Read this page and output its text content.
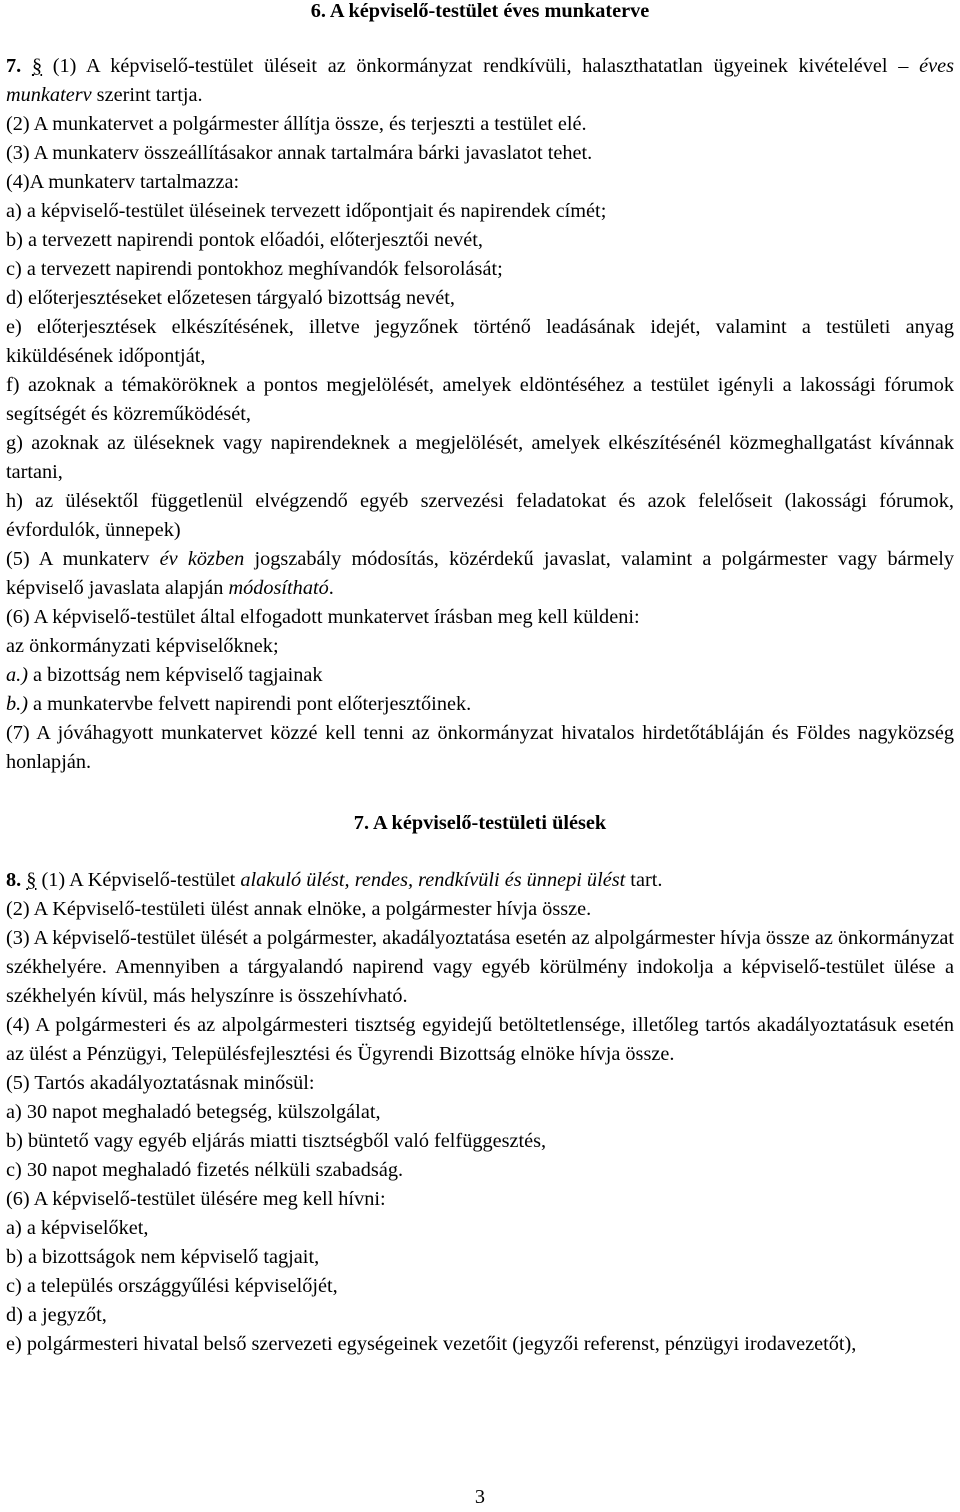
6. A képviselő-testület éves munkaterve

7. § (1) A képviselő-testület üléseit az önkormányzat rendkívüli, halaszthatatlan ügyeinek kivételével – éves munkaterv szerint tartja.

(2) A munkatervet a polgármester állítja össze, és terjeszti a testület elé.

(3) A munkaterv összeállításakor annak tartalmára bárki javaslatot tehet.

(4)A munkaterv tartalmazza:

a) a képviselő-testület üléseinek tervezett időpontjait és napirendek címét;

b) a tervezett napirendi pontok előadói, előterjesztői nevét,

c) a tervezett napirendi pontokhoz meghívandók felsorolását;

d) előterjesztéseket előzetesen tárgyaló bizottság nevét,

e) előterjesztések elkészítésének, illetve jegyzőnek történő leadásának idejét, valamint a testületi anyag kiküldésének időpontját,

f) azoknak a témaköröknek a pontos megjelölését, amelyek eldöntéséhez a testület igényli a lakossági fórumok segítségét és közreműködését,

g) azoknak az üléseknek vagy napirendeknek a megjelölését, amelyek elkészítésénél közmeghallgatást kívánnak tartani,

h) az ülésektől függetlenül elvégzendő egyéb szervezési feladatokat és azok felelőseit (lakossági fórumok, évfordulók, ünnepek)

(5) A munkaterv év közben jogszabály módosítás, közérdekű javaslat, valamint a polgármester vagy bármely képviselő javaslata alapján módosítható.

(6) A képviselő-testület által elfogadott munkatervet írásban meg kell küldeni:

az önkormányzati képviselőknek;

a.) a bizottság nem képviselő tagjainak

b.) a munkatervbe felvett napirendi pont előterjesztőinek.

(7) A jóváhagyott munkatervet közzé kell tenni az önkormányzat hivatalos hirdetőtábláján és Földes nagyközség honlapján.

7. A képviselő-testületi ülések

8. § (1) A Képviselő-testület alakuló ülést, rendes, rendkívüli és ünnepi ülést tart.

(2) A Képviselő-testületi ülést annak elnöke, a polgármester hívja össze.

(3) A képviselő-testület ülését a polgármester, akadályoztatása esetén az alpolgármester hívja össze az önkormányzat székhelyére. Amennyiben a tárgyalandó napirend vagy egyéb körülmény indokolja a képviselő-testület ülése a székhelyén kívül, más helyszínre is összehívható.

(4) A polgármesteri és az alpolgármesteri tisztség egyidejű betöltetlensége, illetőleg tartós akadályoztatásuk esetén az ülést a Pénzügyi, Településfejlesztési és Ügyrendi Bizottság elnöke hívja össze.

(5) Tartós akadályoztatásnak minősül:

a) 30 napot meghaladó betegség, külszolgálat,

b) büntető vagy egyéb eljárás miatti tisztségből való felfüggesztés,

c) 30 napot meghaladó fizetés nélküli szabadság.

(6) A képviselő-testület ülésére meg kell hívni:

a) a képviselőket,

b) a bizottságok nem képviselő tagjait,

c) a település országgyűlési képviselőjét,

d) a jegyzőt,

e) polgármesteri hivatal belső szervezeti egységeinek vezetőit (jegyzői referenst, pénzügyi irodavezetőt),

3
